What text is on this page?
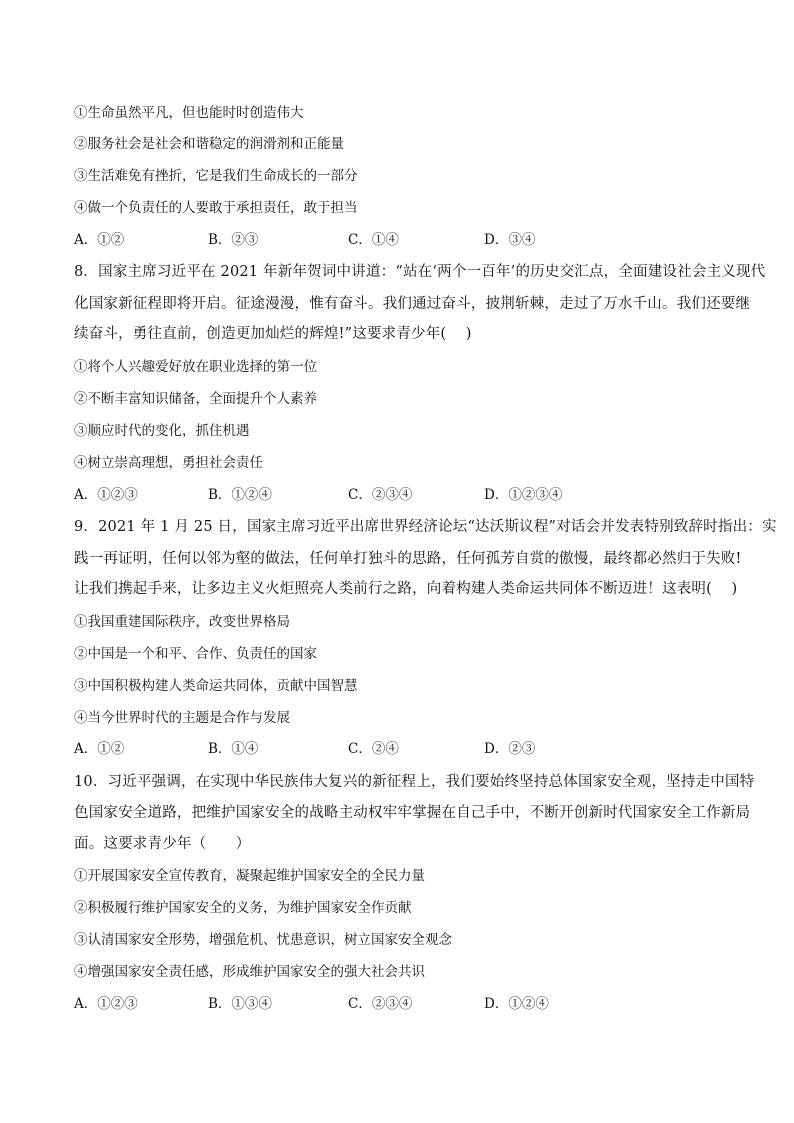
①生命虽然平凡，但也能时时创造伟大
②服务社会是社会和谐稳定的润滑剂和正能量
③生活难免有挫折，它是我们生命成长的一部分
④做一个负责任的人要敢于承担责任，敢于担当
A．①②	B．②③	C．①④	D．③④
8．国家主席习近平在 2021 年新年贺词中讲道：“站在‘两个一百年’的历史交汇点，全面建设社会主义现代
化国家新征程即将开启。征途漫漫，惟有奋斗。我们通过奋斗，披荆斩棘，走过了万水千山。我们还要继
续奋斗，勇往直前，创造更加灿烂的辉煌!”这要求青少年(　 )
①将个人兴趣爱好放在职业选择的第一位
②不断丰富知识储备，全面提升个人素养
③顺应时代的变化，抓住机遇
④树立崇高理想，勇担社会责任
A．①②③	B．①②④	C．②③④	D．①②③④
9．2021 年 1 月 25 日，国家主席习近平出席世界经济论坛“达沃斯议程”对话会并发表特别致辞时指出：实
践一再证明，任何以邻为壑的做法，任何单打独斗的思路，任何孤芳自赏的傲慢，最终都必然归于失败!
让我们携起手来，让多边主义火炬照亮人类前行之路，向着构建人类命运共同体不断迈进！这表明(　 )
①我国重建国际秩序，改变世界格局
②中国是一个和平、合作、负责任的国家
③中国积极构建人类命运共同体，贡献中国智慧
④当今世界时代的主题是合作与发展
A．①②	B．①④	C．②④	D．②③
10．习近平强调，在实现中华民族伟大复兴的新征程上，我们要始终坚持总体国家安全观，坚持走中国特
色国家安全道路，把维护国家安全的战略主动权牢牢掌握在自己手中，不断开创新时代国家安全工作新局
面。这要求青少年（　　）
①开展国家安全宣传教育，凝聚起维护国家安全的全民力量
②积极履行维护国家安全的义务，为维护国家安全作贡献
③认清国家安全形势，增强危机、忧患意识，树立国家安全观念
④增强国家安全责任感，形成维护国家安全的强大社会共识
A．①②③	B．①③④	C．②③④	D．①②④
